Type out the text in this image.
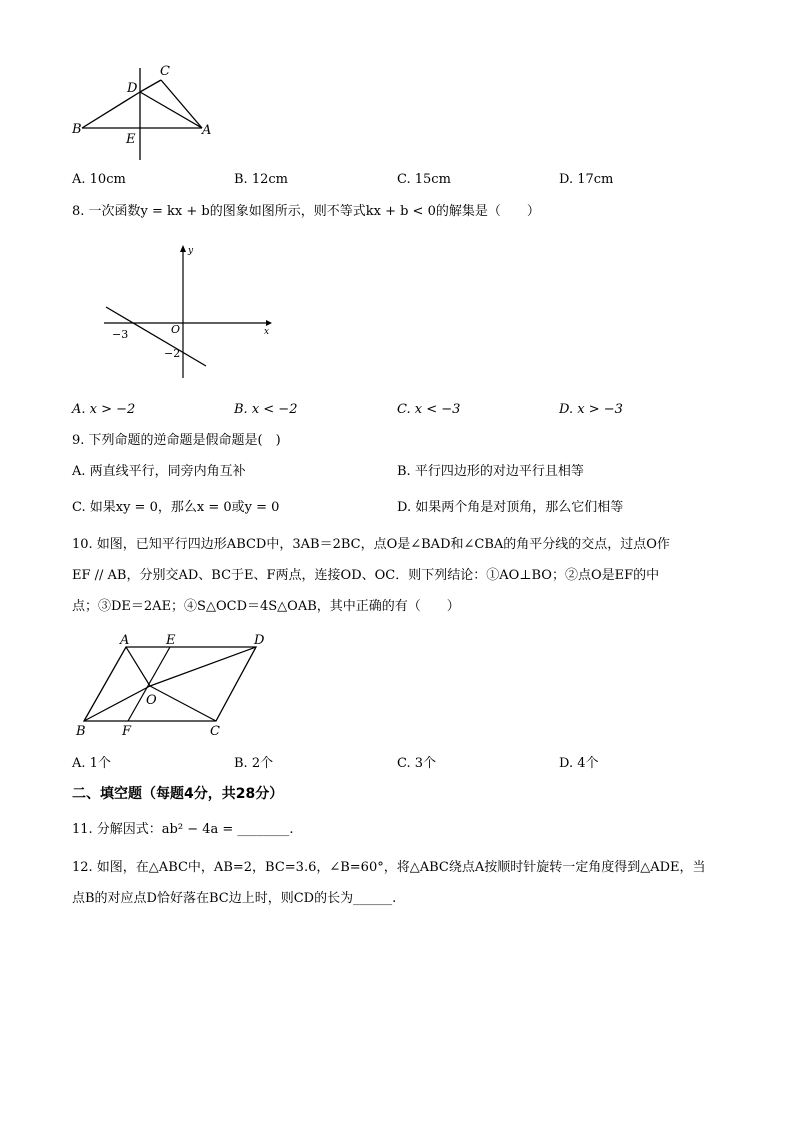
C
D
B
E
A
A. 10cm	B. 12cm	C. 15cm	D. 17cm
8. 一次函数y = kx + b的图象如图所示，则不等式kx + b < 0的解集是（　　）
y
x
O
−3
−2
A. x > −2	B. x < −2	C. x < −3	D. x > −3
9. 下列命题的逆命题是假命题是(　)
A. 两直线平行，同旁内角互补	B. 平行四边形的对边平行且相等
C. 如果xy = 0，那么x = 0或y = 0	D. 如果两个角是对顶角，那么它们相等
10. 如图，已知平行四边形ABCD中，3AB＝2BC，点O是∠BAD和∠CBA的角平分线的交点，过点O作
EF // AB，分别交AD、BC于E、F两点，连接OD、OC．则下列结论：①AO⊥BO；②点O是EF的中
点；③DE＝2AE；④S△OCD＝4S△OAB，其中正确的有（　　）
A	E	D
O
B	F	C
A. 1个	B. 2个	C. 3个	D. 4个
二、填空题（每题4分，共28分）
11. 分解因式：ab² − 4a = ________.
12. 如图，在△ABC中，AB=2，BC=3.6，∠B=60°，将△ABC绕点A按顺时针旋转一定角度得到△ADE，当
点B的对应点D恰好落在BC边上时，则CD的长为______.
